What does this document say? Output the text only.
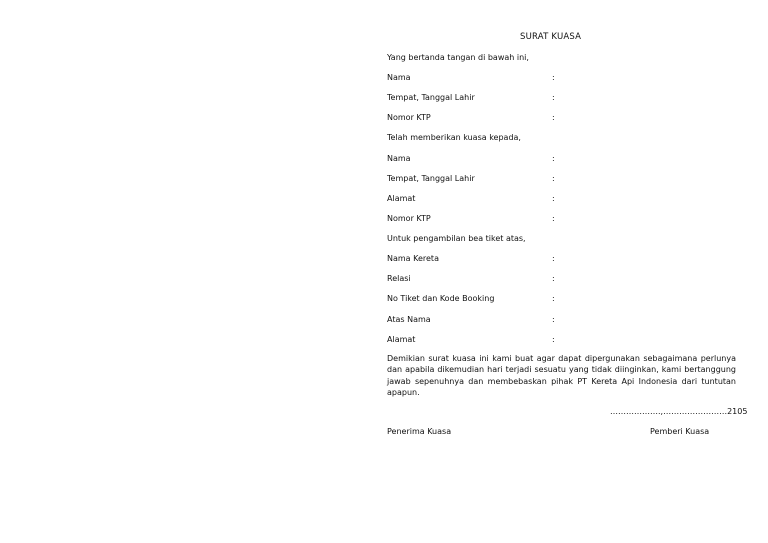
SURAT KUASA
Yang bertanda tangan di bawah ini,
Nama	:
Tempat, Tanggal Lahir	:
Nomor KTP	:
Telah memberikan kuasa kepada,
Nama	:
Tempat, Tanggal Lahir	:
Alamat	:
Nomor KTP	:
Untuk pengambilan bea tiket atas,
Nama Kereta	:
Relasi	:
No Tiket dan Kode Booking	:
Atas Nama	:
Alamat	:
Demikian surat kuasa ini kami buat agar dapat dipergunakan sebagaimana perlunya dan apabila dikemudian hari terjadi sesuatu yang tidak diinginkan, kami bertanggung jawab sepenuhnya dan membebaskan pihak PT Kereta Api Indonesia dari tuntutan apapun.
……………….,……………………2105
Penerima Kuasa	Pemberi Kuasa
